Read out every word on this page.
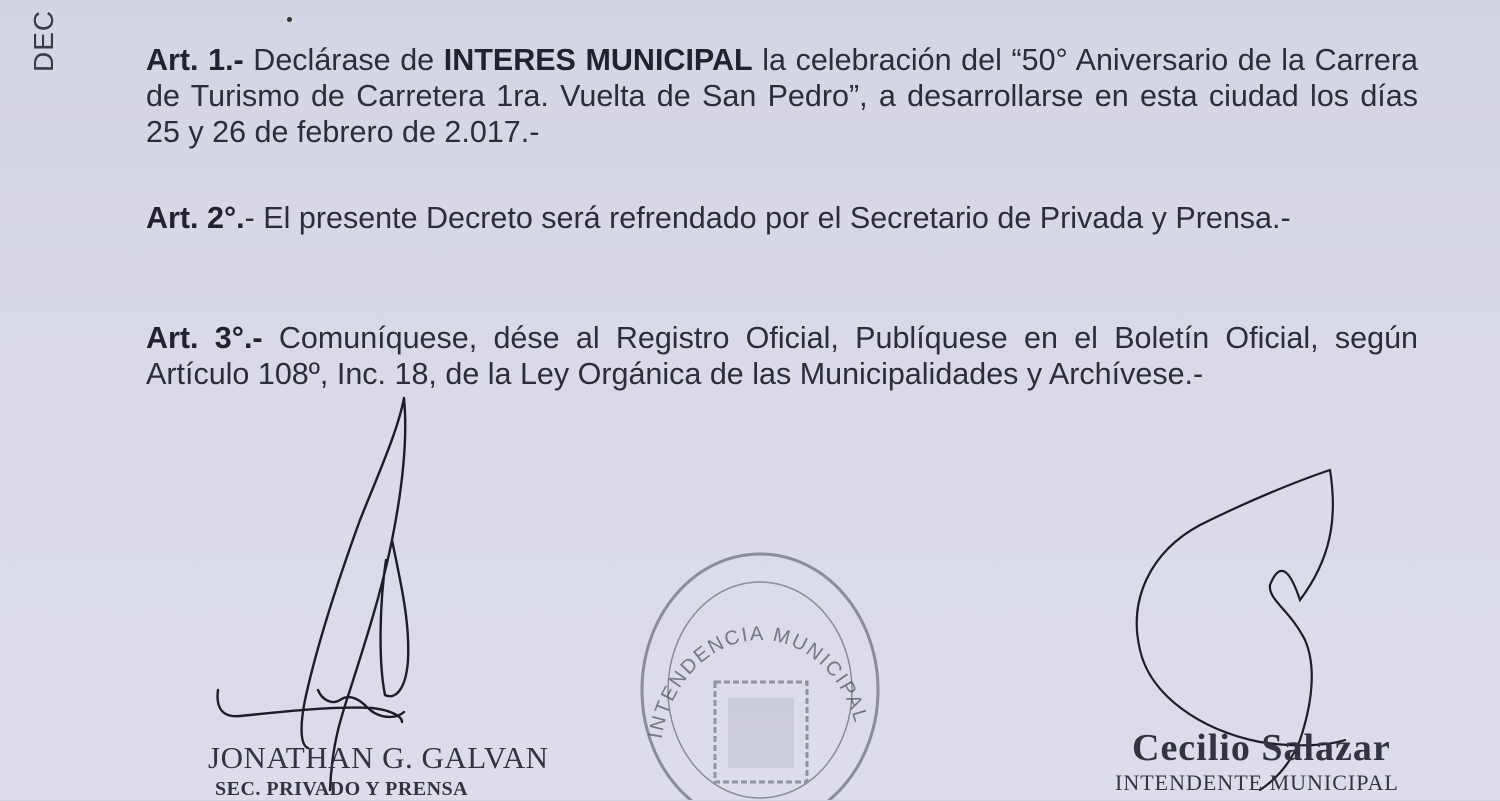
DEC	Art. 1.- Declárase de INTERES MUNICIPAL la celebración del “50° Aniversario de la Carrera de Turismo de Carretera 1ra. Vuelta de San Pedro”, a desarrollarse en esta ciudad los días 25 y 26 de febrero de 2.017.-

Art. 2°.- El presente Decreto será refrendado por el Secretario de Privada y Prensa.-

Art. 3°.- Comuníquese, dése al Registro Oficial, Publíquese en el Boletín Oficial, según Artículo 108º, Inc. 18, de la Ley Orgánica de las Municipalidades y Archívese.-

INTENDENCIA MUNICIPAL
JONATHAN G. GALVAN
SEC. PRIVADO Y PRENSA
Cecilio Salazar
INTENDENTE MUNICIPAL
